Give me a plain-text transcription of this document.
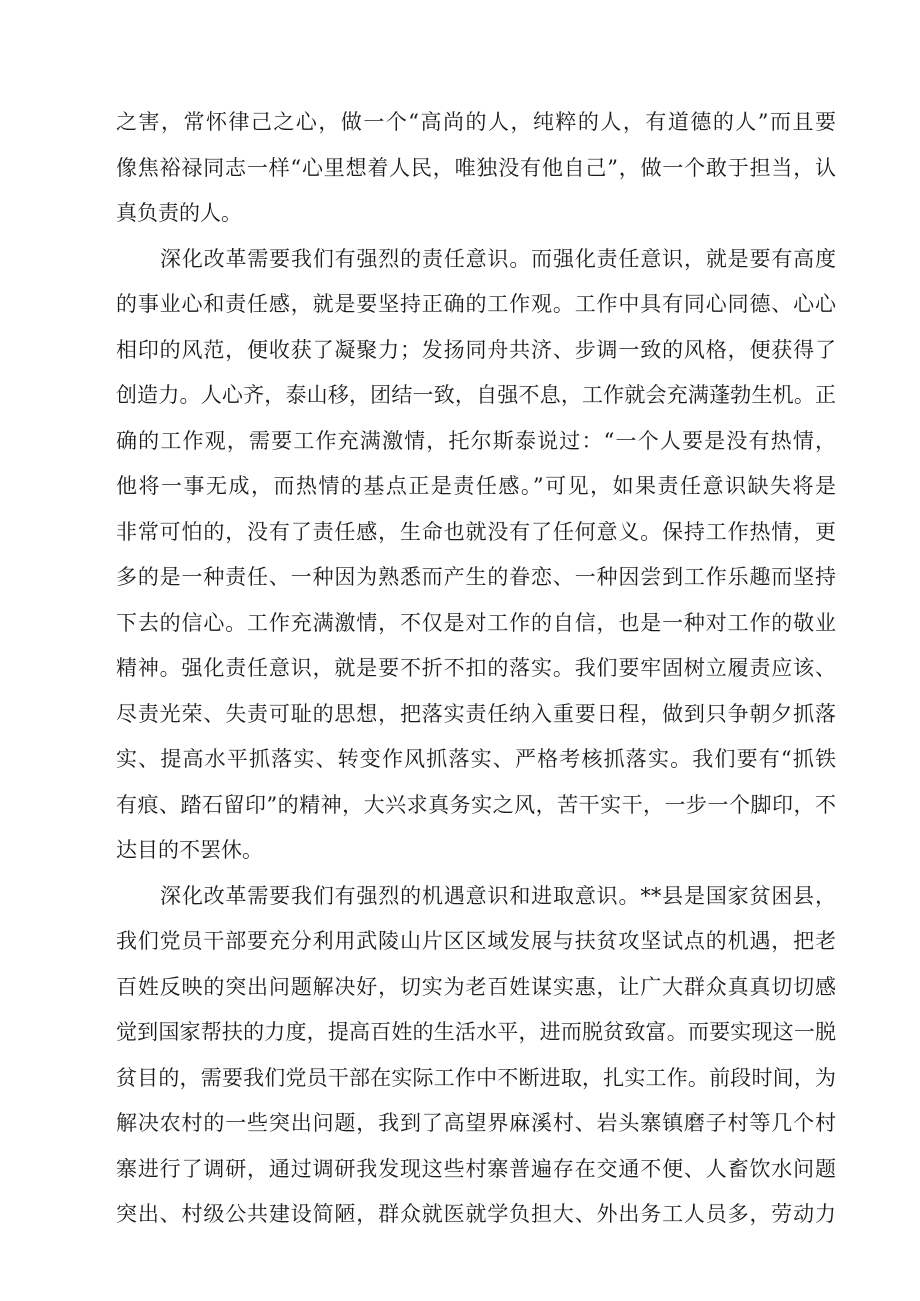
之害，常怀律己之心，做一个“高尚的人，纯粹的人，有道德的人”而且要
像焦裕禄同志一样“心里想着人民，唯独没有他自己”，做一个敢于担当，认
真负责的人。
深化改革需要我们有强烈的责任意识。而强化责任意识，就是要有高度
的事业心和责任感，就是要坚持正确的工作观。工作中具有同心同德、心心
相印的风范，便收获了凝聚力；发扬同舟共济、步调一致的风格，便获得了
创造力。人心齐，泰山移，团结一致，自强不息，工作就会充满蓬勃生机。正
确的工作观，需要工作充满激情，托尔斯泰说过：“一个人要是没有热情，
他将一事无成，而热情的基点正是责任感。”可见，如果责任意识缺失将是
非常可怕的，没有了责任感，生命也就没有了任何意义。保持工作热情，更
多的是一种责任、一种因为熟悉而产生的眷恋、一种因尝到工作乐趣而坚持
下去的信心。工作充满激情，不仅是对工作的自信，也是一种对工作的敬业
精神。强化责任意识，就是要不折不扣的落实。我们要牢固树立履责应该、
尽责光荣、失责可耻的思想，把落实责任纳入重要日程，做到只争朝夕抓落
实、提高水平抓落实、转变作风抓落实、严格考核抓落实。我们要有“抓铁
有痕、踏石留印”的精神，大兴求真务实之风，苦干实干，一步一个脚印，不
达目的不罢休。
深化改革需要我们有强烈的机遇意识和进取意识。**县是国家贫困县，
我们党员干部要充分利用武陵山片区区域发展与扶贫攻坚试点的机遇，把老
百姓反映的突出问题解决好，切实为老百姓谋实惠，让广大群众真真切切感
觉到国家帮扶的力度，提高百姓的生活水平，进而脱贫致富。而要实现这一脱
贫目的，需要我们党员干部在实际工作中不断进取，扎实工作。前段时间，为
解决农村的一些突出问题，我到了高望界麻溪村、岩头寨镇磨子村等几个村
寨进行了调研，通过调研我发现这些村寨普遍存在交通不便、人畜饮水问题
突出、村级公共建设简陋，群众就医就学负担大、外出务工人员多，劳动力
